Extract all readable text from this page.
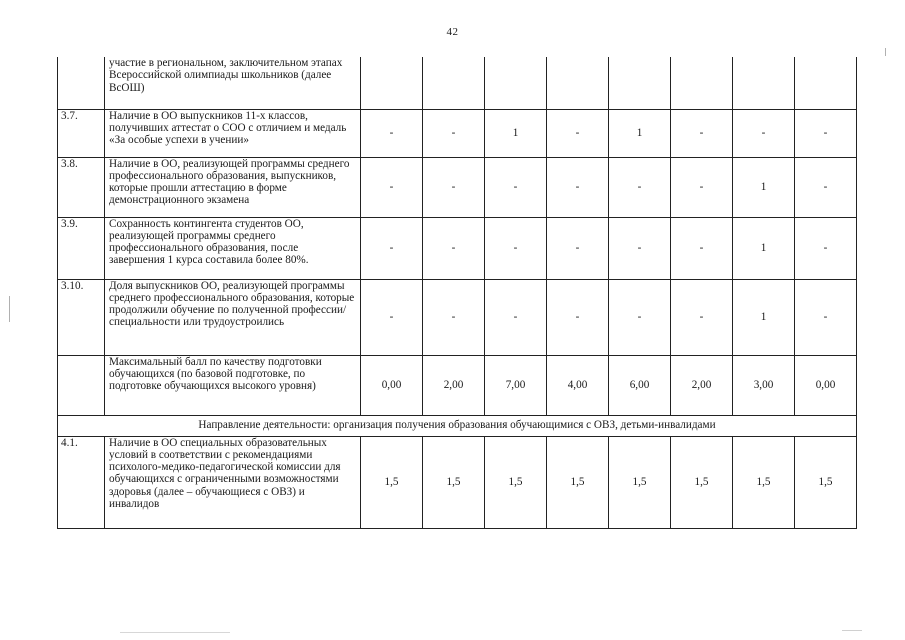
42
	участие в региональном, заключительном этапах Всероссийской олимпиады школьников (далее ВсОШ)								
3.7.	Наличие в ОО выпускников 11-х классов, получивших аттестат о СОО с отличием и медаль «За особые успехи в учении»	-	-	1	-	1	-	-	-
3.8.	Наличие в ОО, реализующей программы среднего профессионального образования, выпускников, которые прошли аттестацию в форме демонстрационного экзамена	-	-	-	-	-	-	1	-
3.9.	Сохранность контингента студентов ОО, реализующей программы среднего профессионального образования, после завершения 1 курса составила более 80%.	-	-	-	-	-	-	1	-
3.10.	Доля выпускников ОО, реализующей программы среднего профессионального образования, которые продолжили обучение по полученной профессии/специальности или трудоустроились	-	-	-	-	-	-	1	-
	Максимальный балл по качеству подготовки обучающихся (по базовой подготовке, по подготовке обучающихся высокого уровня)	0,00	2,00	7,00	4,00	6,00	2,00	3,00	0,00
Направление деятельности: организация получения образования обучающимися с ОВЗ, детьми-инвалидами									
4.1.	Наличие в ОО специальных образовательных условий в соответствии с рекомендациями психолого-медико-педагогической комиссии для обучающихся с ограниченными возможностями здоровья (далее – обучающиеся с ОВЗ) и инвалидов	1,5	1,5	1,5	1,5	1,5	1,5	1,5	1,5
